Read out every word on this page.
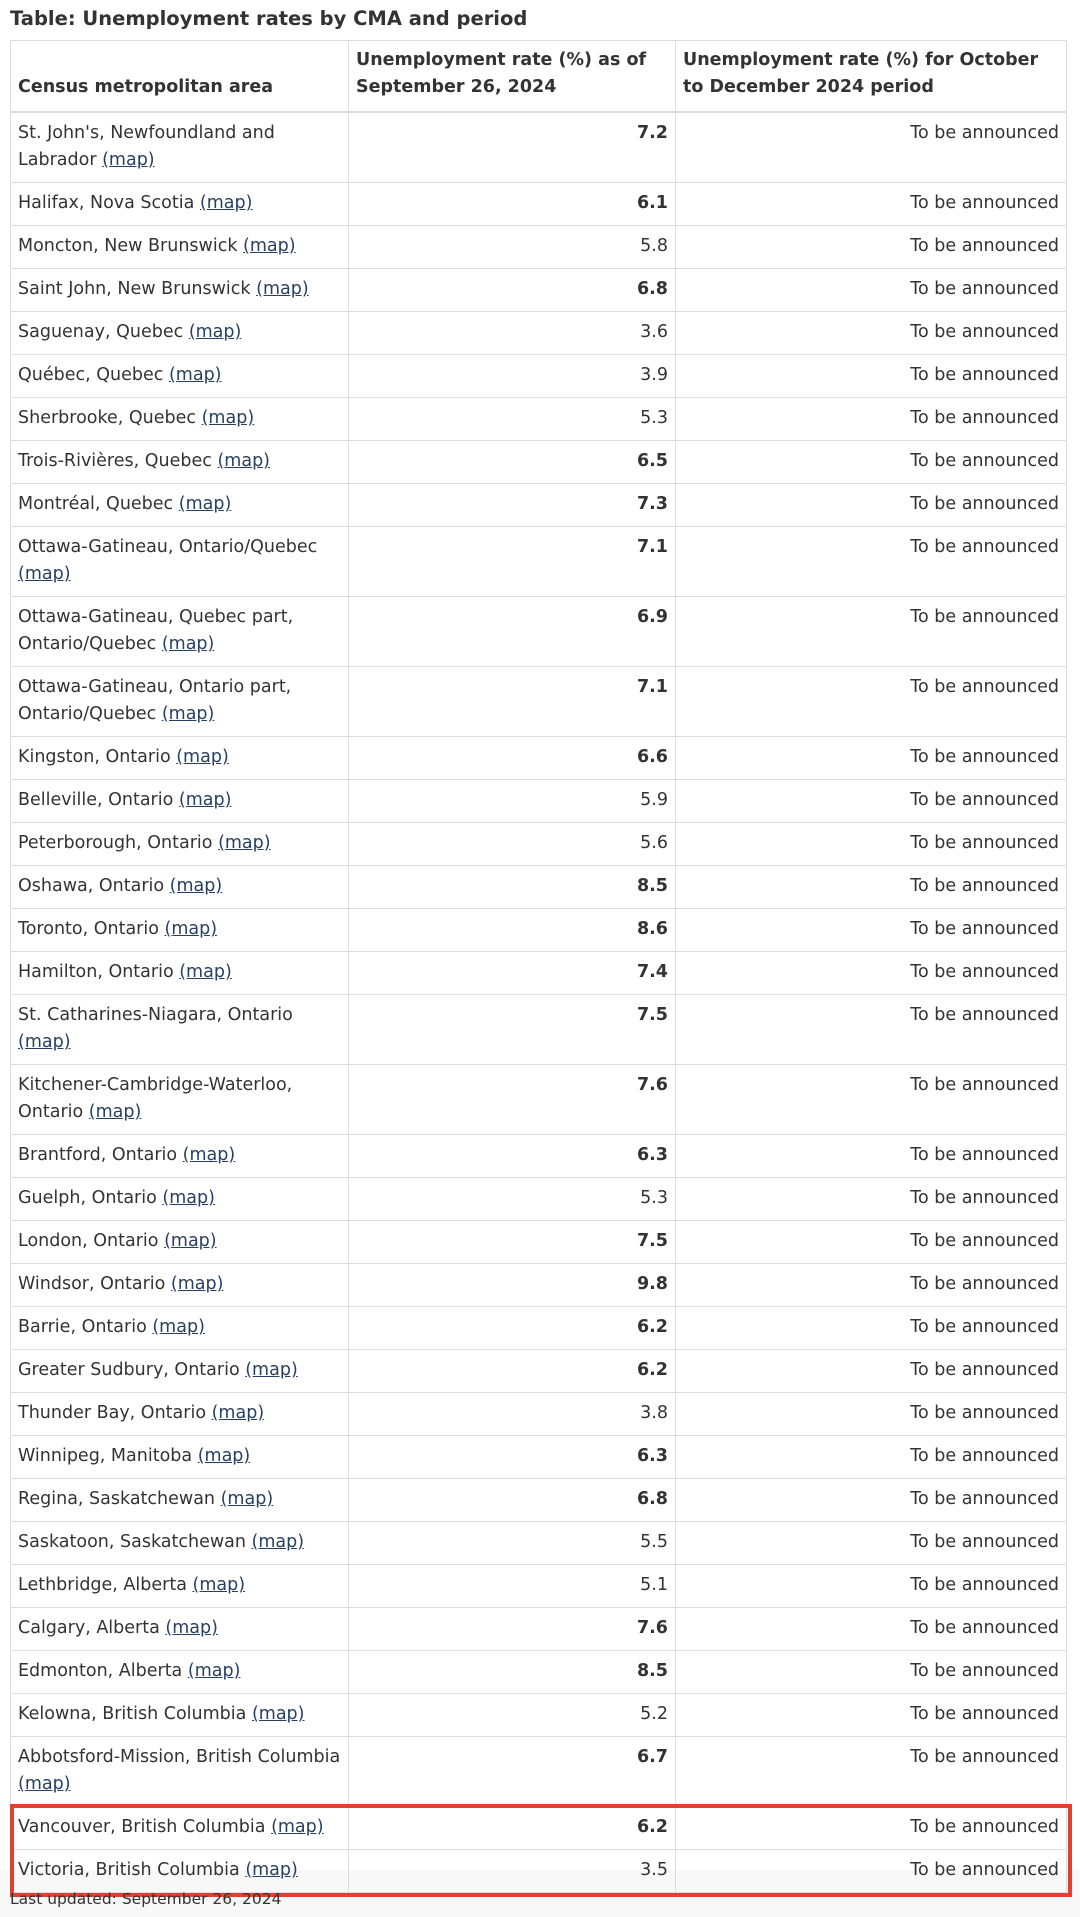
Table: Unemployment rates by CMA and period
Census metropolitan area	Unemployment rate (%) as of September 26, 2024	Unemployment rate (%) for October to December 2024 period
St. John's, Newfoundland and Labrador (map)	7.2	To be announced
Halifax, Nova Scotia (map)	6.1	To be announced
Moncton, New Brunswick (map)	5.8	To be announced
Saint John, New Brunswick (map)	6.8	To be announced
Saguenay, Quebec (map)	3.6	To be announced
Québec, Quebec (map)	3.9	To be announced
Sherbrooke, Quebec (map)	5.3	To be announced
Trois-Rivières, Quebec (map)	6.5	To be announced
Montréal, Quebec (map)	7.3	To be announced
Ottawa-Gatineau, Ontario/Quebec (map)	7.1	To be announced
Ottawa-Gatineau, Quebec part, Ontario/Quebec (map)	6.9	To be announced
Ottawa-Gatineau, Ontario part, Ontario/Quebec (map)	7.1	To be announced
Kingston, Ontario (map)	6.6	To be announced
Belleville, Ontario (map)	5.9	To be announced
Peterborough, Ontario (map)	5.6	To be announced
Oshawa, Ontario (map)	8.5	To be announced
Toronto, Ontario (map)	8.6	To be announced
Hamilton, Ontario (map)	7.4	To be announced
St. Catharines-Niagara, Ontario (map)	7.5	To be announced
Kitchener-Cambridge-Waterloo, Ontario (map)	7.6	To be announced
Brantford, Ontario (map)	6.3	To be announced
Guelph, Ontario (map)	5.3	To be announced
London, Ontario (map)	7.5	To be announced
Windsor, Ontario (map)	9.8	To be announced
Barrie, Ontario (map)	6.2	To be announced
Greater Sudbury, Ontario (map)	6.2	To be announced
Thunder Bay, Ontario (map)	3.8	To be announced
Winnipeg, Manitoba (map)	6.3	To be announced
Regina, Saskatchewan (map)	6.8	To be announced
Saskatoon, Saskatchewan (map)	5.5	To be announced
Lethbridge, Alberta (map)	5.1	To be announced
Calgary, Alberta (map)	7.6	To be announced
Edmonton, Alberta (map)	8.5	To be announced
Kelowna, British Columbia (map)	5.2	To be announced
Abbotsford-Mission, British Columbia (map)	6.7	To be announced
Vancouver, British Columbia (map)	6.2	To be announced
Victoria, British Columbia (map)	3.5	To be announced
Last updated: September 26, 2024
